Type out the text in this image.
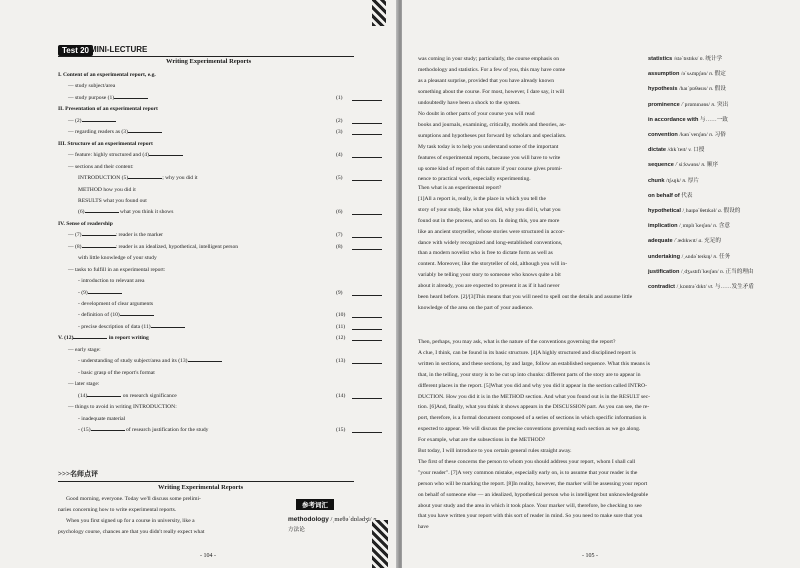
Test 20 MINI-LECTURE
Writing Experimental Reports
I. Content of an experimental report, e.g.
— study subject/area
— study purpose (1)	(1)
II. Presentation of an experimental report
— (2)	(2)
— regarding readers as (3)	(3)
III. Structure of an experimental report
— feature: highly structured and (4)	(4)
— sections and their content:
INTRODUCTION (5)	; why you did it	(5)
METHOD how you did it
RESULTS what you found out
(6)	what you think it shows	(6)
IV. Sense of readership
— (7)	: reader is the marker	(7)
— (8)	: reader is an idealized, hypothetical, intelligent person	(8)
with little knowledge of your study
— tasks to fulfill in an experimental report:
- introduction to relevant area
- (9)	(9)
- development of clear arguments
- definition of (10)	(10)
- precise description of data (11)	(11)
V. (12)	in report writing	(12)
— early stage:
- understanding of study subject/area and its (13)	(13)
- basic grasp of the report's format
— later stage:
(14)	on research significance	(14)
— things to avoid in writing INTRODUCTION:
- inadequate material
- (15)	of research justification for the study	(15)
>>>名师点评
Writing Experimental Reports
Good morning, everyone. Today we'll discuss some prelimi-
naries concerning how to write experimental reports.
When you first signed up for a course in university, like a
psychology course, chances are that you didn't really expect what
参考词汇
methodology /ˌmeθəˈdɒlədʒi/
方法论
- 104 -
was coming in your study; particularly, the course emphasis on
methodology and statistics. For a few of you, this may have come
as a pleasant surprise, provided that you have already known
something about the course. For most, however, I dare say, it will
undoubtedly have been a shock to the system.
No doubt in other parts of your course you will read
books and journals, examining, critically, models and theories, as-
sumptions and hypotheses put forward by scholars and specialists.
My task today is to help you understand some of the important
features of experimental reports, because you will have to write
up some kind of report of this nature if your course gives promi-
nence to practical work, especially experimenting.
Then what is an experimental report?
[1]All a report is, really, is the place in which you tell the
story of your study, like what you did, why you did it, what you
found out in the process, and so on. In doing this, you are more
like an ancient storyteller, whose stories were structured in accor-
dance with widely recognized and long-established conventions,
than a modern novelist who is free to dictate form as well as
content. Moreover, like the storyteller of old, although you will in-
variably be telling your story to someone who knows quite a bit
about it already, you are expected to present it as if it had never
been heard before. [2]/[3]This means that you will need to spell out the details and assume little
knowledge of the area on the part of your audience.
Then, perhaps, you may ask, what is the nature of the conventions governing the report?
A clue, I think, can be found in its basic structure. [4]A highly structured and disciplined report is
written in sections, and these sections, by and large, follow an established sequence. What this means is
that, in the telling, your story is to be cut up into chunks: different parts of the story are to appear in
different places in the report. [5]What you did and why you did it appear in the section called INTRO-
DUCTION. How you did it is in the METHOD section. And what you found out is in the RESULT sec-
tion. [6]And, finally, what you think it shows appears in the DISCUSSION part. As you can see, the re-
port, therefore, is a formal document composed of a series of sections in which specific information is
expected to appear. We will discuss the precise conventions governing each section as we go along.
For example, what are the subsections in the METHOD?
But today, I will introduce to you certain general rules straight away.
The first of these concerns the person to whom you should address your report, whom I shall call
"your reader". [7]A very common mistake, especially early on, is to assume that your reader is the
person who will be marking the report. [8]In reality, however, the marker will be assessing your report
on behalf of someone else — an idealized, hypothetical person who is intelligent but unknowledgeable
about your study and the area in which it took place. Your marker will, therefore, be checking to see
that you have written your report with this sort of reader in mind. So you need to make sure that you
have
statistics /stəˈtɪstɪks/ n. 统计学
assumption /əˈsʌmpʃən/ n. 假定
hypothesis /haɪˈpɒθəsɪs/ n. 假设
prominence /ˈprɒmɪnəns/ n. 突出
in accordance with 与……一致
convention /kənˈvenʃən/ n. 习俗
dictate /dɪkˈteɪt/ v. 口授
sequence /ˈsiːkwəns/ n. 顺序
chunk /tʃʌŋk/ n. 厚片
on behalf of 代表
hypothetical /ˌhaɪpəˈθetɪkəl/ a. 假设的
implication /ˌɪmplɪˈkeɪʃən/ n. 含意
adequate /ˈædɪkwɪt/ a. 充足的
undertaking /ˌʌndəˈteɪkɪŋ/ n. 任务
justification /ˌdʒʌstɪfɪˈkeɪʃən/ n. 正当的理由
contradict /ˌkɒntrəˈdɪkt/ vt. 与……发生矛盾
- 105 -
